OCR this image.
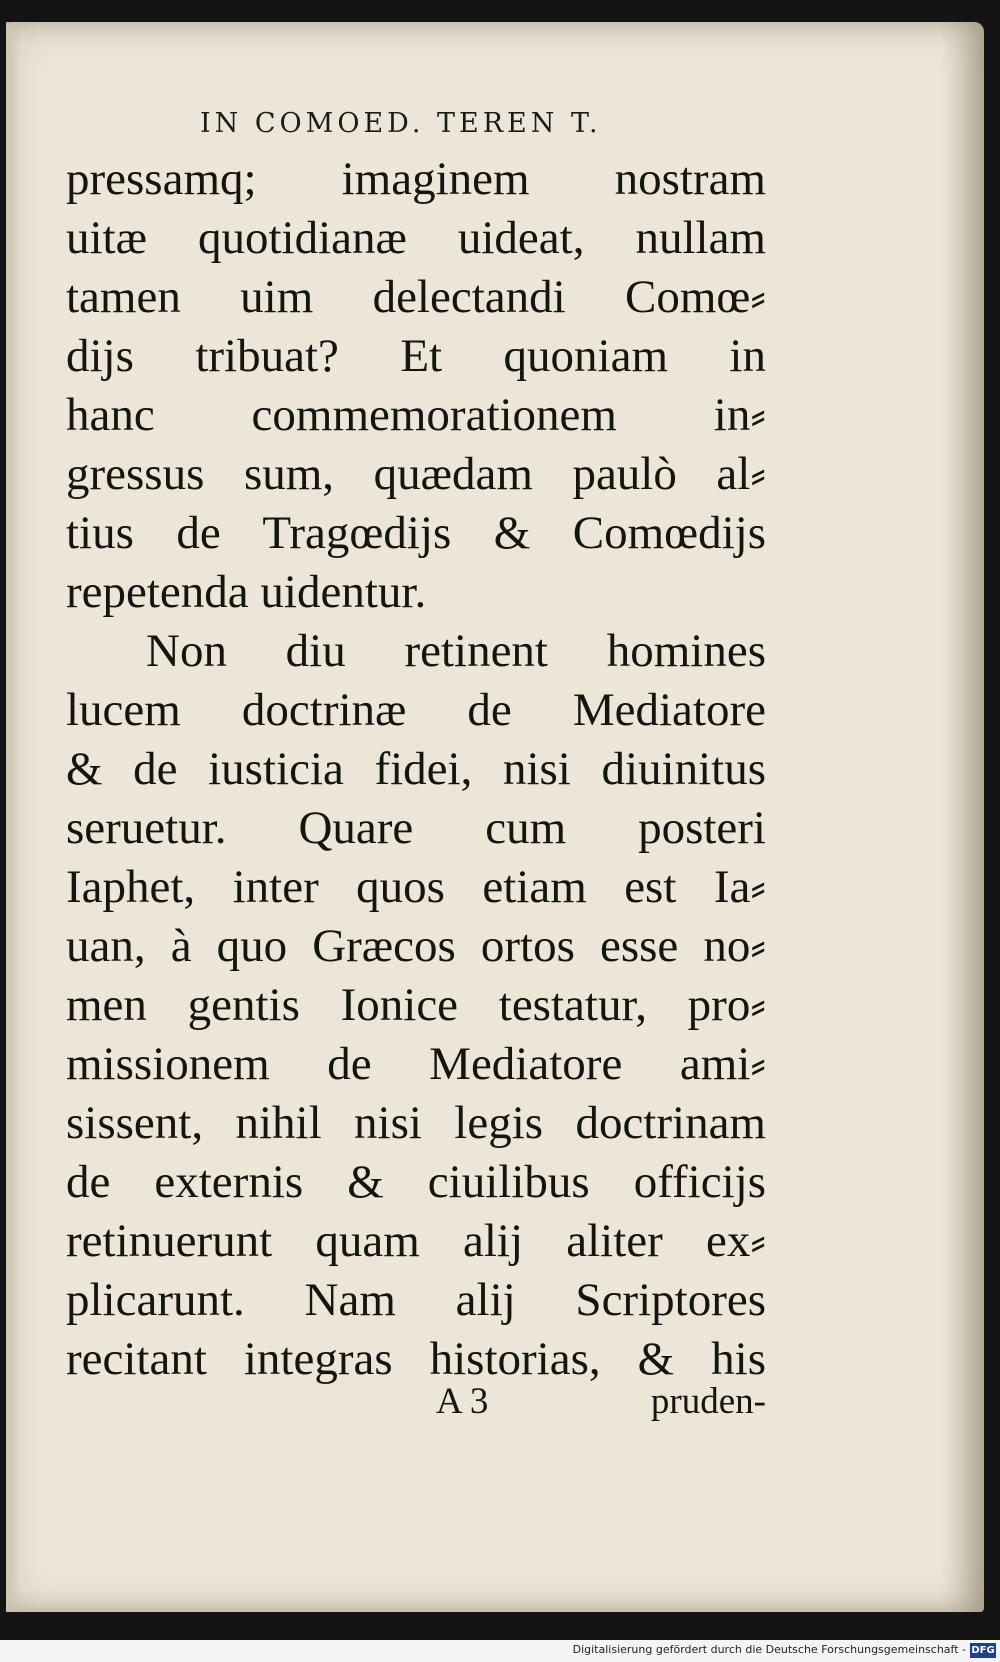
IN COMOED. TEREN T.
pressamq; imaginem nostram
uitæ quotidianæ uideat, nullam
tamen uim delectandi Comœ⸗
dijs tribuat? Et quoniam in
hanc commemorationem in⸗
gressus sum, quædam paulò al⸗
tius de Tragœdijs & Comœdijs
repetenda uidentur.
Non diu retinent homines
lucem doctrinæ de Mediatore
& de iusticia fidei, nisi diuinitus
seruetur. Quare cum posteri
Iaphet, inter quos etiam est Ia⸗
uan, à quo Græcos ortos esse no⸗
men gentis Ionice testatur, pro⸗
missionem de Mediatore ami⸗
sissent, nihil nisi legis doctrinam
de externis & ciuilibus officijs
retinuerunt quam alij aliter ex⸗
plicarunt. Nam alij Scriptores
recitant integras historias, & his
A 3	pruden-
Digitalisierung gefördert durch die Deutsche Forschungsgemeinschaft - DFG
